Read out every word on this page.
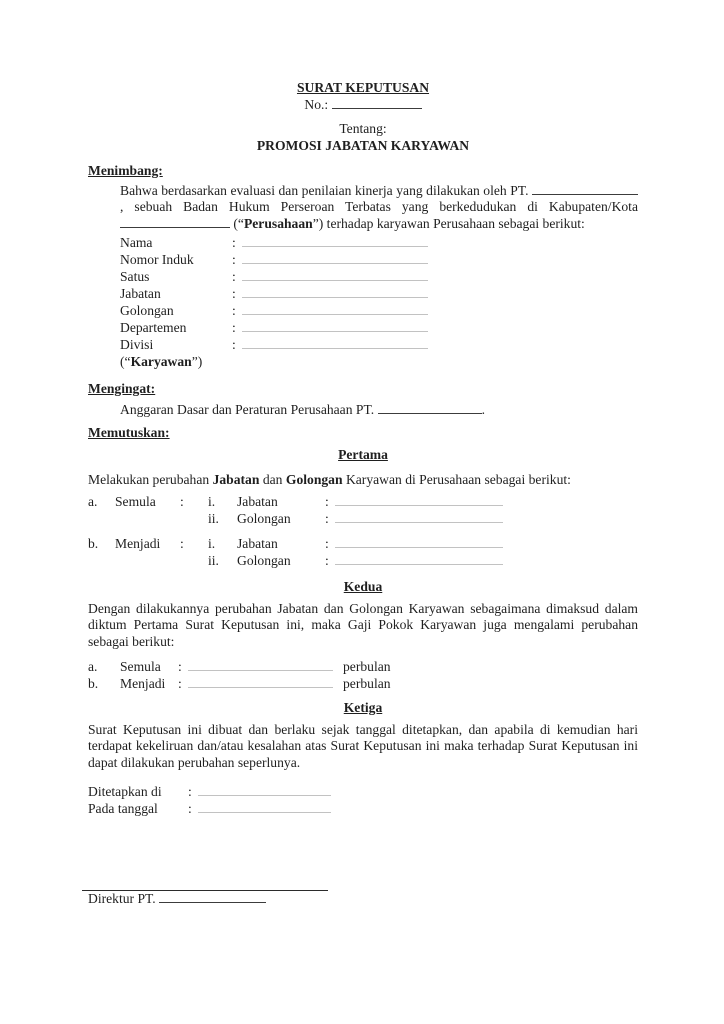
SURAT KEPUTUSAN

No.:

Tentang:

PROMOSI JABATAN KARYAWAN

Menimbang:

Bahwa berdasarkan evaluasi dan penilaian kinerja yang dilakukan oleh PT. , sebuah Badan Hukum Perseroan Terbatas yang berkedudukan di Kabupaten/Kota  (“Perusahaan”) terhadap karyawan Perusahaan sebagai berikut:

Nama	:
Nomor Induk	:
Satus	:
Jabatan	:
Golongan	:
Departemen	:
Divisi	:

(“Karyawan”)

Mengingat:

Anggaran Dasar dan Peraturan Perusahaan PT.	.

Memutuskan:

Pertama

Melakukan perubahan Jabatan dan Golongan Karyawan di Perusahaan sebagai berikut:

a.	Semula	:	i.	Jabatan	:
ii.	Golongan	:
b.	Menjadi	:	i.	Jabatan	:
ii.	Golongan	:

Kedua

Dengan dilakukannya perubahan Jabatan dan Golongan Karyawan sebagaimana dimaksud dalam diktum Pertama Surat Keputusan ini, maka Gaji Pokok Karyawan juga mengalami perubahan sebagai berikut:

a.	Semula	:	perbulan
b.	Menjadi :	perbulan

Ketiga

Surat Keputusan ini dibuat dan berlaku sejak tanggal ditetapkan, dan apabila di kemudian hari terdapat kekeliruan dan/atau kesalahan atas Surat Keputusan ini maka terhadap Surat Keputusan ini dapat dilakukan perubahan seperlunya.

Ditetapkan di	:
Pada tanggal	:

Direktur PT.
